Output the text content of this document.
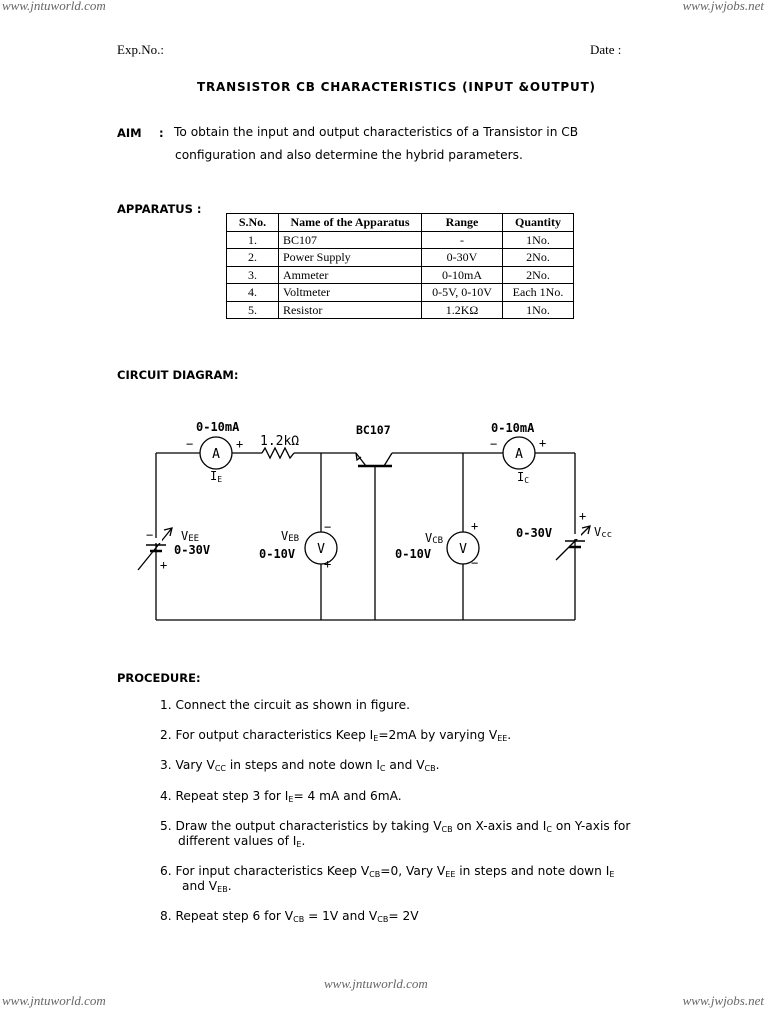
www.jntuworld.com	www.jwjobs.net
www.jntuworld.com
www.jntuworld.com	www.jwjobs.net
Exp.No.:	Date :
TRANSISTOR CB CHARACTERISTICS (INPUT &OUTPUT)
AIM : To obtain the input and output characteristics of a Transistor in CB
configuration and also determine the hybrid parameters.
APPARATUS :
S.No.	Name of the Apparatus	Range	Quantity
1.	BC107	-	1No.
2.	Power Supply	0-30V	2No.
3.	Ammeter	0-10mA	2No.
4.	Voltmeter	0-5V, 0-10V	Each 1No.
5.	Resistor	1.2KΩ	1No.
CIRCUIT DIAGRAM:
0-10mA	0-10mA
BC107
1.2kΩ
A	A
V	V
−	+	−	+
IE	IC
−
+
VEE
0-30V
VEB
0-10V
−
+
VCB
0-10V
+
−
0-30V
+
Vcc
PROCEDURE:
1. Connect the circuit as shown in figure.
2. For output characteristics Keep $I_E=2mA$ by varying $V_{EE}$.
3. Vary $V_{CC}$ in steps and note down $I_C$ and $V_{CB}$.
4. Repeat step 3 for $I_E= 4$ mA and 6mA.
5. Draw the output characteristics by taking $V_{CB}$ on X-axis and $I_C$ on Y-axis for
different values of $I_E$.
6. For input characteristics Keep $V_{CB}=0$, Vary $V_{EE}$ in steps and note down $I_E$
and $V_{EB}$.
8. Repeat step 6 for $V_{CB} = 1V$ and $V_{CB}= 2V$
